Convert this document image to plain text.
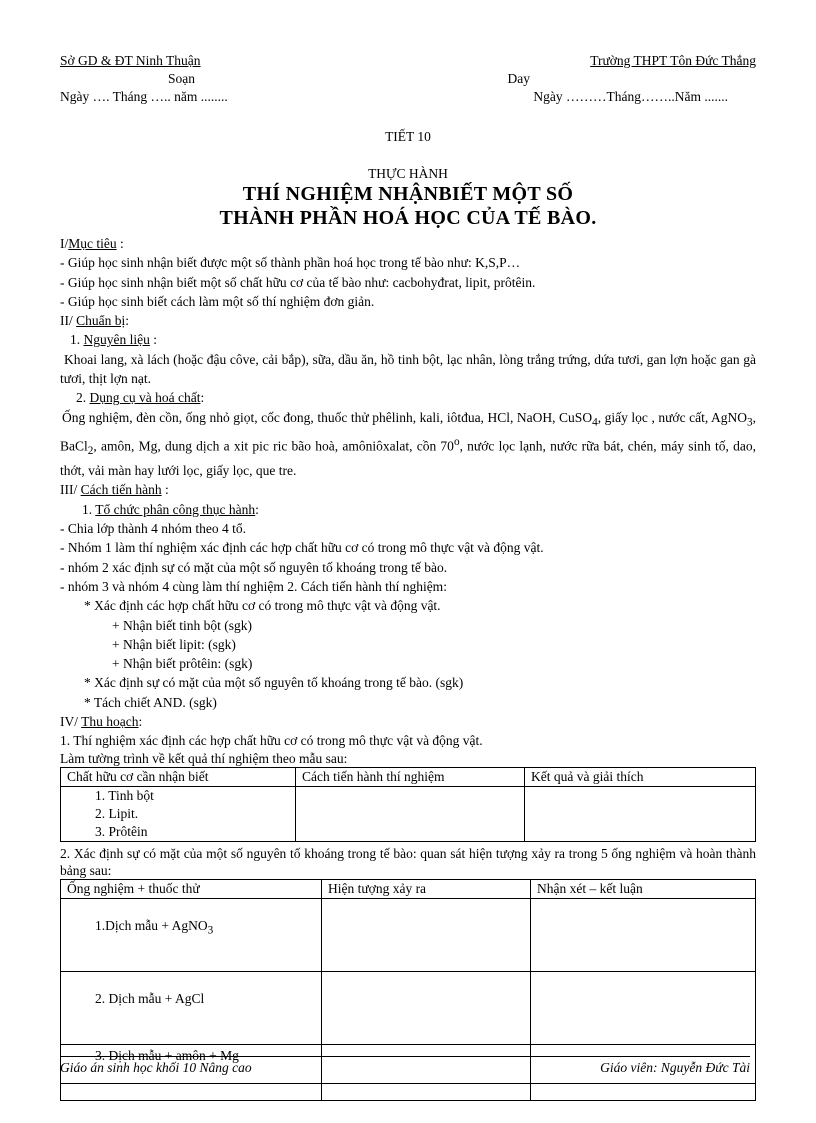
Sở GD & ĐT Ninh Thuận	Trường THPT Tôn Đức Thắng
Soạn	Day
Ngày …. Tháng ….. năm ........	Ngày ………Tháng……..Năm .......
TIẾT 10
THỰC HÀNH
THÍ NGHIỆM NHẬNBIẾT MỘT SỐ
THÀNH PHẦN HOÁ HỌC CỦA TẾ BÀO.

I/Mục tiêu :

- Giúp học sinh nhận biết được một số thành phần hoá học trong tế bào như: K,S,P…

- Giúp học sinh nhận biết một số chất hữu cơ của tế bào như: cacbohyđrat, lipit, prôtêin.

- Giúp học sinh biết cách làm một số thí nghiệm đơn giản.

II/ Chuẩn bị:

1. Nguyên liệu :

Khoai lang, xà lách (hoặc đậu côve, cải bắp), sữa, dầu ăn, hồ tinh bột, lạc nhân, lòng trắng trứng, dứa tươi, gan lợn hoặc gan gà tươi, thịt lợn nạt.

2. Dụng cụ và hoá chất:

Ống nghiệm, đèn cồn, ống nhỏ giọt, cốc đong, thuốc thử phêlinh, kali, iôtđua, HCl, NaOH, CuSO$_4$, giấy lọc , nước cất, AgNO$_3$, BaCl$_2$, amôn, Mg, dung dịch a xit pic ric bão hoà, amôniôxalat, cồn 70$^o$, nước lọc lạnh, nước rữa bát, chén, máy sinh tố, dao, thớt, vải màn hay lưới lọc, giấy lọc, que tre.

III/ Cách tiến hành :

1. Tổ chức phân công thục hành:

- Chia lớp thành 4 nhóm theo 4 tổ.

- Nhóm 1 làm thí nghiệm xác định các hợp chất hữu cơ có trong mô thực vật và động vật.

- nhóm 2 xác định sự có mặt của một số nguyên tố khoáng trong tế bào.

- nhóm 3 và nhóm 4 cùng làm thí nghiệm 2. Cách tiến hành thí nghiệm:

* Xác định các hợp chất hữu cơ có trong mô thực vật và động vật.

+ Nhận biết tinh bột (sgk)

+ Nhận biết lipit: (sgk)

+ Nhận biết prôtêin: (sgk)

* Xác định sự có mặt của một số nguyên tố khoáng trong tế bào. (sgk)

* Tách chiết AND. (sgk)

IV/ Thu hoạch:

1. Thí nghiệm xác định các hợp chất hữu cơ có trong mô thực vật và động vật.

Làm tường trình về kết quả thí nghiệm theo mẫu sau:

Chất hữu cơ cần nhận biết	Cách tiến hành thí nghiệm	Kết quả và giải thích

1. Tinh bột
2. Lipit.
3. Prôtêin		

2. Xác định sự có mặt của một số nguyên tố khoáng trong tế bào: quan sát hiện tượng xảy ra trong 5 ống nghiệm và hoàn thành bảng sau:

Ống nghiệm + thuốc thử	Hiện tượng xảy ra	Nhận xét – kết luận
1.Dịch mẫu + AgNO$_3$		
2. Dịch mẫu + AgCl		
3. Dịch mẫu + amôn + Mg		

Giáo án sinh học khối 10 Nâng cao	Giáo viên: Nguyễn Đức Tài
